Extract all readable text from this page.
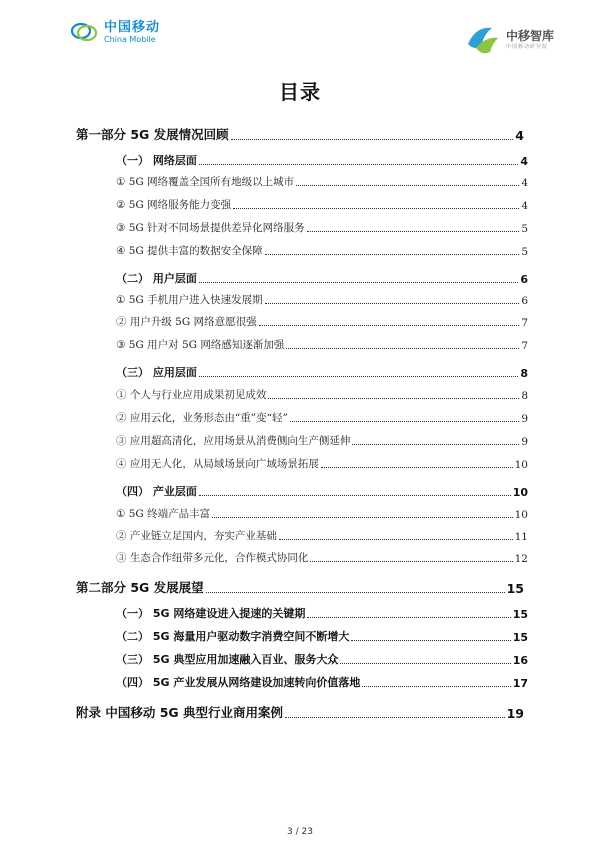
中国移动
China Mobile	中移智库
中国移动研究院
目录
第一部分 5G 发展情况回顾	4
（一） 网络层面	4
① 5G 网络覆盖全国所有地级以上城市	4
② 5G 网络服务能力变强	4
③ 5G 针对不同场景提供差异化网络服务	5
④ 5G 提供丰富的数据安全保障	5
（二） 用户层面	6
① 5G 手机用户进入快速发展期	6
② 用户升级 5G 网络意愿很强	7
③ 5G 用户对 5G 网络感知逐渐加强	7
（三） 应用层面	8
① 个人与行业应用成果初见成效	8
② 应用云化，业务形态由“重”变“轻”	9
③ 应用超高清化，应用场景从消费侧向生产侧延伸	9
④ 应用无人化，从局域场景向广域场景拓展	10
（四） 产业层面	10
① 5G 终端产品丰富	10
② 产业链立足国内，夯实产业基础	11
③ 生态合作纽带多元化，合作模式协同化	12
第二部分 5G 发展展望	15
（一） 5G 网络建设进入提速的关键期	15
（二） 5G 海量用户驱动数字消费空间不断增大	15
（三） 5G 典型应用加速融入百业、服务大众	16
（四） 5G 产业发展从网络建设加速转向价值落地	17
附录 中国移动 5G 典型行业商用案例	19
3 / 23
